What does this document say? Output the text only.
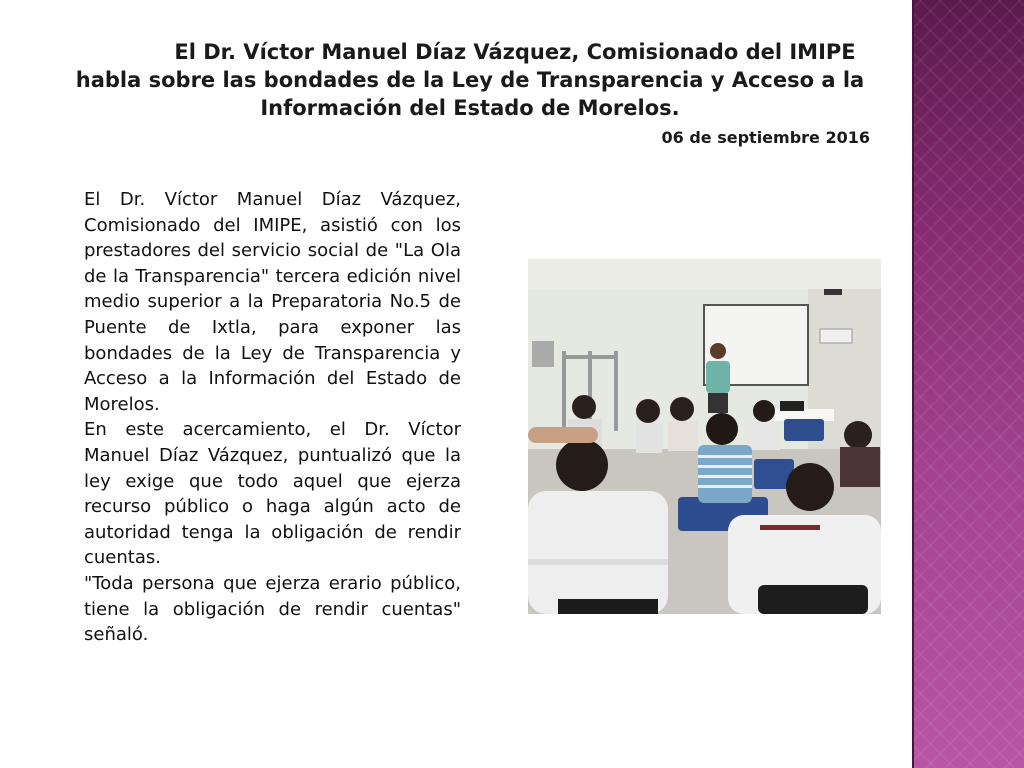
El Dr. Víctor Manuel Díaz Vázquez, Comisionado del IMIPE
habla sobre las bondades de la Ley de Transparencia y Acceso a la
Información del Estado de Morelos.
06 de septiembre 2016

El Dr. Víctor Manuel Díaz Vázquez, Comisionado del IMIPE, asistió con los prestadores del servicio social de "La Ola de la Transparencia" tercera edición nivel medio superior a la Preparatoria No.5 de Puente de Ixtla, para exponer las bondades de la Ley de Transparencia y Acceso a la Información del Estado de Morelos.

En este acercamiento, el Dr. Víctor Manuel Díaz Vázquez, puntualizó que la ley exige que todo aquel que ejerza recurso público o haga algún acto de autoridad tenga la obligación de rendir cuentas.

"Toda persona que ejerza erario público, tiene la obligación de rendir cuentas" señaló.
